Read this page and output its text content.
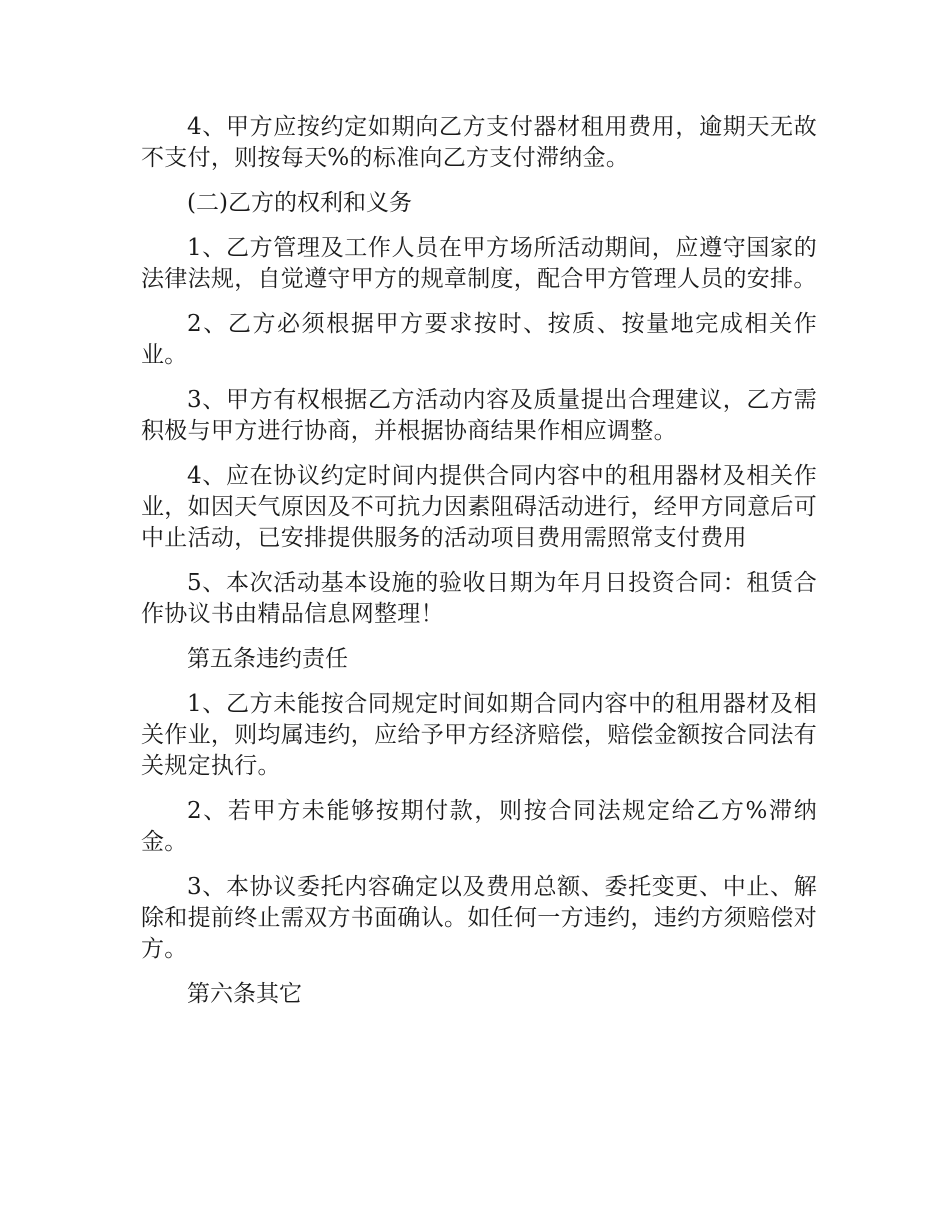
4、甲方应按约定如期向乙方支付器材租用费用，逾期天无故不支付，则按每天%的标准向乙方支付滞纳金。

(二)乙方的权利和义务

1、乙方管理及工作人员在甲方场所活动期间，应遵守国家的法律法规，自觉遵守甲方的规章制度，配合甲方管理人员的安排。

2、乙方必须根据甲方要求按时、按质、按量地完成相关作业。

3、甲方有权根据乙方活动内容及质量提出合理建议，乙方需积极与甲方进行协商，并根据协商结果作相应调整。

4、应在协议约定时间内提供合同内容中的租用器材及相关作业，如因天气原因及不可抗力因素阻碍活动进行，经甲方同意后可中止活动，已安排提供服务的活动项目费用需照常支付费用

5、本次活动基本设施的验收日期为年月日投资合同：租赁合作协议书由精品信息网整理！

第五条违约责任

1、乙方未能按合同规定时间如期合同内容中的租用器材及相关作业，则均属违约，应给予甲方经济赔偿，赔偿金额按合同法有关规定执行。

2、若甲方未能够按期付款，则按合同法规定给乙方%滞纳金。

3、本协议委托内容确定以及费用总额、委托变更、中止、解除和提前终止需双方书面确认。如任何一方违约，违约方须赔偿对方。

第六条其它
